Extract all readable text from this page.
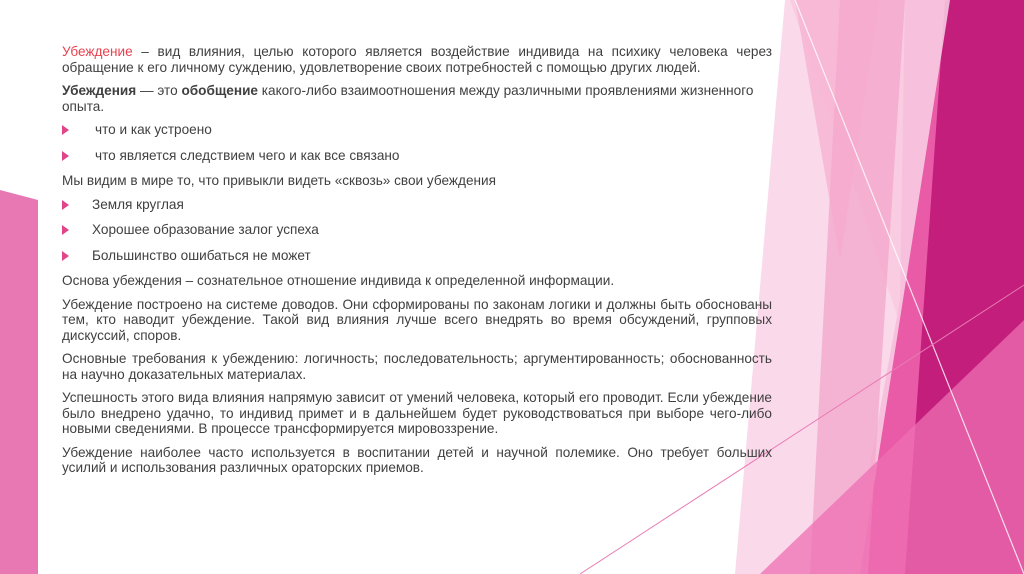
Убеждение – вид влияния, целью которого является воздействие индивида на психику человека через обращение к его личному суждению, удовлетворение своих потребностей с помощью других людей.

Убеждения — это обобщение какого-либо взаимоотношения между различными проявлениями жизненного опыта.

что и как устроено
что является следствием чего и как все связано

Мы видим в мире то, что привыкли видеть «сквозь» свои убеждения

Земля круглая
Хорошее образование залог успеха
Большинство ошибаться не может

Основа убеждения – сознательное отношение индивида к определенной информации.

Убеждение построено на системе доводов. Они сформированы по законам логики и должны быть обоснованы тем, кто наводит убеждение. Такой вид влияния лучше всего внедрять во время обсуждений, групповых дискуссий, споров.

Основные требования к убеждению: логичность; последовательность; аргументированность; обоснованность на научно доказательных материалах.

Успешность этого вида влияния напрямую зависит от умений человека, который его проводит. Если убеждение было внедрено удачно, то индивид примет и в дальнейшем будет руководствоваться при выборе чего-либо новыми сведениями. В процессе трансформируется мировоззрение.

Убеждение наиболее часто используется в воспитании детей и научной полемике. Оно требует больших усилий и использования различных ораторских приемов.
